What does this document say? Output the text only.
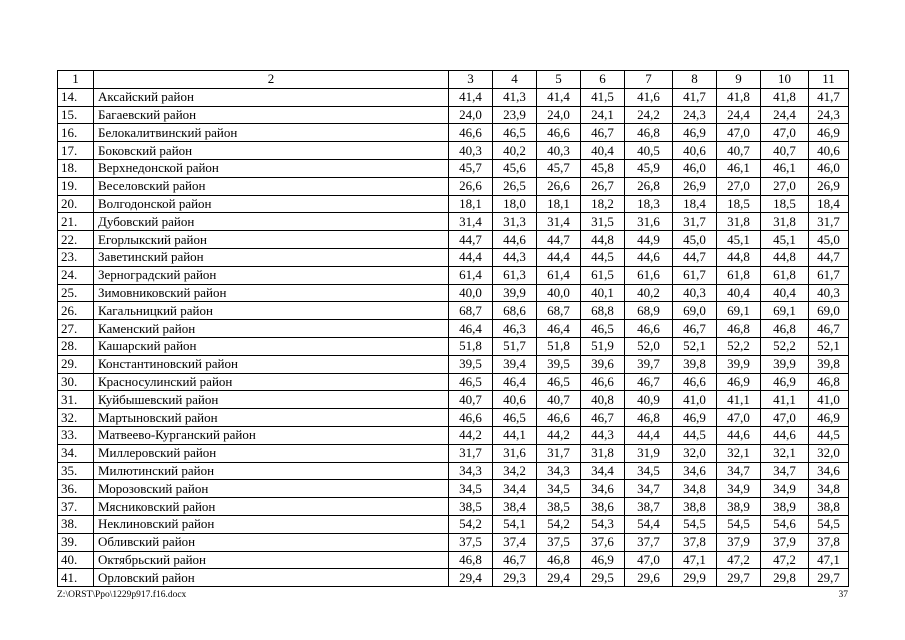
1	2	3	4	5	6	7	8	9	10	11
14.	Аксайский район	41,4	41,3	41,4	41,5	41,6	41,7	41,8	41,8	41,7
15.	Багаевский район	24,0	23,9	24,0	24,1	24,2	24,3	24,4	24,4	24,3
16.	Белокалитвинский район	46,6	46,5	46,6	46,7	46,8	46,9	47,0	47,0	46,9
17.	Боковский район	40,3	40,2	40,3	40,4	40,5	40,6	40,7	40,7	40,6
18.	Верхнедонской район	45,7	45,6	45,7	45,8	45,9	46,0	46,1	46,1	46,0
19.	Веселовский район	26,6	26,5	26,6	26,7	26,8	26,9	27,0	27,0	26,9
20.	Волгодонской район	18,1	18,0	18,1	18,2	18,3	18,4	18,5	18,5	18,4
21.	Дубовский район	31,4	31,3	31,4	31,5	31,6	31,7	31,8	31,8	31,7
22.	Егорлыкский район	44,7	44,6	44,7	44,8	44,9	45,0	45,1	45,1	45,0
23.	Заветинский район	44,4	44,3	44,4	44,5	44,6	44,7	44,8	44,8	44,7
24.	Зерноградский район	61,4	61,3	61,4	61,5	61,6	61,7	61,8	61,8	61,7
25.	Зимовниковский район	40,0	39,9	40,0	40,1	40,2	40,3	40,4	40,4	40,3
26.	Кагальницкий район	68,7	68,6	68,7	68,8	68,9	69,0	69,1	69,1	69,0
27.	Каменский район	46,4	46,3	46,4	46,5	46,6	46,7	46,8	46,8	46,7
28.	Кашарский район	51,8	51,7	51,8	51,9	52,0	52,1	52,2	52,2	52,1
29.	Константиновский район	39,5	39,4	39,5	39,6	39,7	39,8	39,9	39,9	39,8
30.	Красносулинский район	46,5	46,4	46,5	46,6	46,7	46,6	46,9	46,9	46,8
31.	Куйбышевский район	40,7	40,6	40,7	40,8	40,9	41,0	41,1	41,1	41,0
32.	Мартыновский район	46,6	46,5	46,6	46,7	46,8	46,9	47,0	47,0	46,9
33.	Матвеево-Курганский район	44,2	44,1	44,2	44,3	44,4	44,5	44,6	44,6	44,5
34.	Миллеровский район	31,7	31,6	31,7	31,8	31,9	32,0	32,1	32,1	32,0
35.	Милютинский район	34,3	34,2	34,3	34,4	34,5	34,6	34,7	34,7	34,6
36.	Морозовский район	34,5	34,4	34,5	34,6	34,7	34,8	34,9	34,9	34,8
37.	Мясниковский район	38,5	38,4	38,5	38,6	38,7	38,8	38,9	38,9	38,8
38.	Неклиновский район	54,2	54,1	54,2	54,3	54,4	54,5	54,5	54,6	54,5
39.	Обливский район	37,5	37,4	37,5	37,6	37,7	37,8	37,9	37,9	37,8
40.	Октябрьский район	46,8	46,7	46,8	46,9	47,0	47,1	47,2	47,2	47,1
41.	Орловский район	29,4	29,3	29,4	29,5	29,6	29,9	29,7	29,8	29,7
Z:\ORST\Ppo\1229p917.f16.docx	37
